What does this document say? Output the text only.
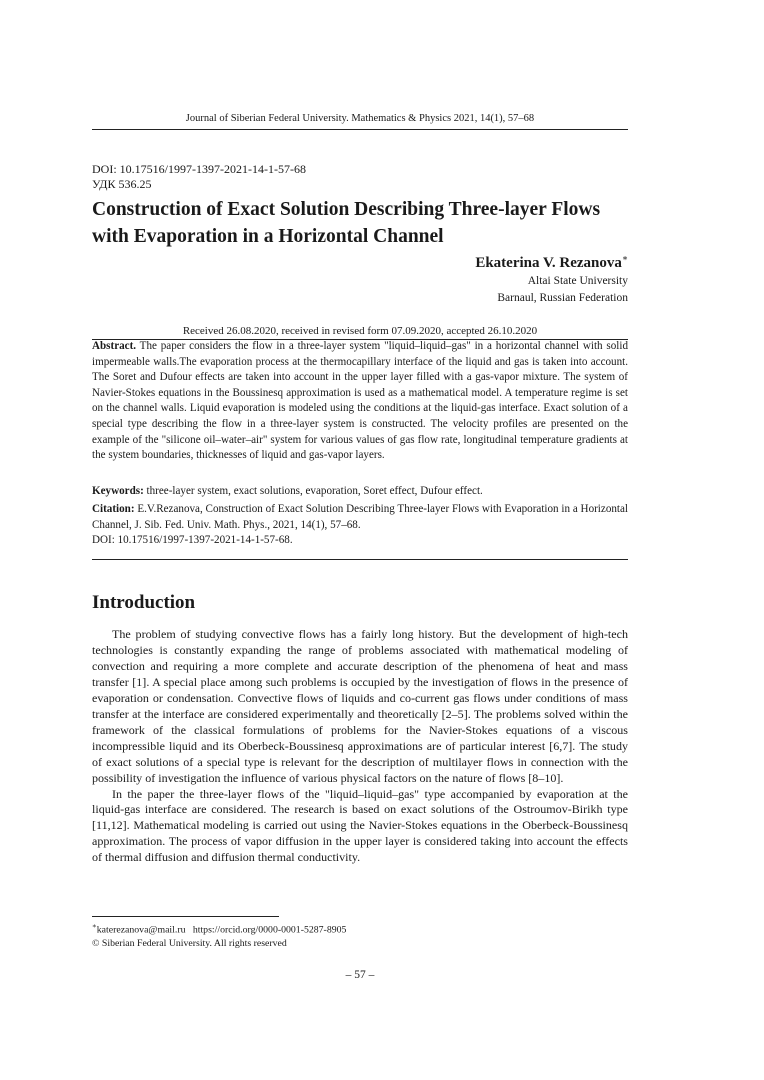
Journal of Siberian Federal University. Mathematics & Physics 2021, 14(1), 57–68
DOI: 10.17516/1997-1397-2021-14-1-57-68
УДК 536.25
Construction of Exact Solution Describing Three-layer Flows with Evaporation in a Horizontal Channel
Ekaterina V. Rezanova∗
Altai State University
Barnaul, Russian Federation
Received 26.08.2020, received in revised form 07.09.2020, accepted 26.10.2020
Abstract. The paper considers the flow in a three-layer system "liquid–liquid–gas" in a horizontal channel with solid impermeable walls.The evaporation process at the thermocapillary interface of the liquid and gas is taken into account. The Soret and Dufour effects are taken into account in the upper layer filled with a gas-vapor mixture. The system of Navier-Stokes equations in the Boussinesq approximation is used as a mathematical model. A temperature regime is set on the channel walls. Liquid evaporation is modeled using the conditions at the liquid-gas interface. Exact solution of a special type describing the flow in a three-layer system is constructed. The velocity profiles are presented on the example of the "silicone oil–water–air" system for various values of gas flow rate, longitudinal temperature gradients at the system boundaries, thicknesses of liquid and gas-vapor layers.
Keywords: three-layer system, exact solutions, evaporation, Soret effect, Dufour effect.
Citation: E.V.Rezanova, Construction of Exact Solution Describing Three-layer Flows with Evaporation in a Horizontal Channel, J. Sib. Fed. Univ. Math. Phys., 2021, 14(1), 57–68.
DOI: 10.17516/1997-1397-2021-14-1-57-68.
Introduction

The problem of studying convective flows has a fairly long history. But the development of high-tech technologies is constantly expanding the range of problems associated with mathematical modeling of convection and requiring a more complete and accurate description of the phenomena of heat and mass transfer [1]. A special place among such problems is occupied by the investigation of flows in the presence of evaporation or condensation. Convective flows of liquids and co-current gas flows under conditions of mass transfer at the interface are considered experimentally and theoretically [2–5]. The problems solved within the framework of the classical formulations of problems for the Navier-Stokes equations of a viscous incompressible liquid and its Oberbeck-Boussinesq approximations are of particular interest [6,7]. The study of exact solutions of a special type is relevant for the description of multilayer flows in connection with the possibility of investigation the influence of various physical factors on the nature of flows [8–10].

In the paper the three-layer flows of the "liquid–liquid–gas" type accompanied by evaporation at the liquid-gas interface are considered. The research is based on exact solutions of the Ostroumov-Birikh type [11,12]. Mathematical modeling is carried out using the Navier-Stokes equations in the Oberbeck-Boussinesq approximation. The process of vapor diffusion in the upper layer is considered taking into account the effects of thermal diffusion and diffusion thermal conductivity.

∗katerezanova@mail.ru https://orcid.org/0000-0001-5287-8905
© Siberian Federal University. All rights reserved
– 57 –
